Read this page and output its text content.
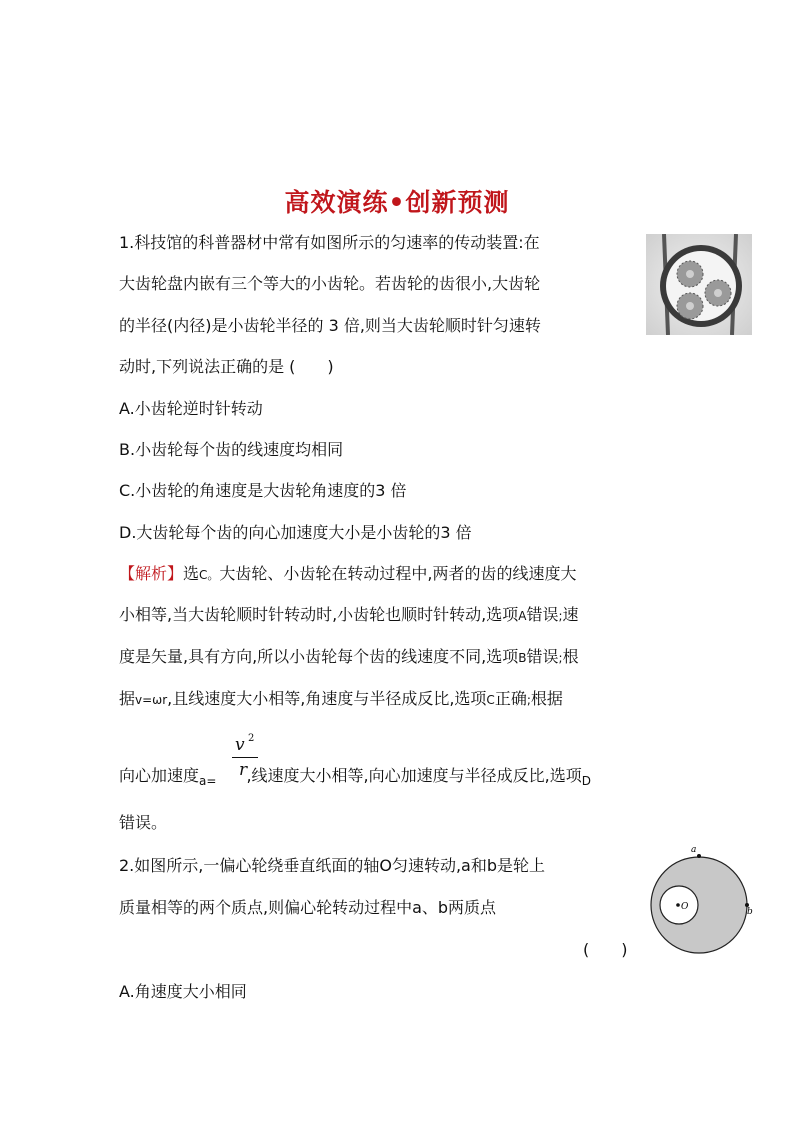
高效演练•创新预测
1.科技馆的科普器材中常有如图所示的匀速率的传动装置:在
大齿轮盘内嵌有三个等大的小齿轮。若齿轮的齿很小,大齿轮
的半径(内径)是小齿轮半径的 3 倍,则当大齿轮顺时针匀速转
动时,下列说法正确的是 (　　)
A.小齿轮逆时针转动
B.小齿轮每个齿的线速度均相同
C.小齿轮的角速度是大齿轮角速度的3 倍
D.大齿轮每个齿的向心加速度大小是小齿轮的3 倍
【解析】选C。大齿轮、小齿轮在转动过程中,两者的齿的线速度大
小相等,当大齿轮顺时针转动时,小齿轮也顺时针转动,选项A错误;速
度是矢量,具有方向,所以小齿轮每个齿的线速度不同,选项B错误;根
据v=ωr,且线速度大小相等,角速度与半径成反比,选项C正确;根据
v 2
r
向心加速度$_{a=}$ ,线速度大小相等,向心加速度与半径成反比,选项$_D$
错误。
2.如图所示,一偏心轮绕垂直纸面的轴O匀速转动,a和b是轮上
质量相等的两个质点,则偏心轮转动过程中a、b两质点
(　　)
A.角速度大小相同
a
b
O
